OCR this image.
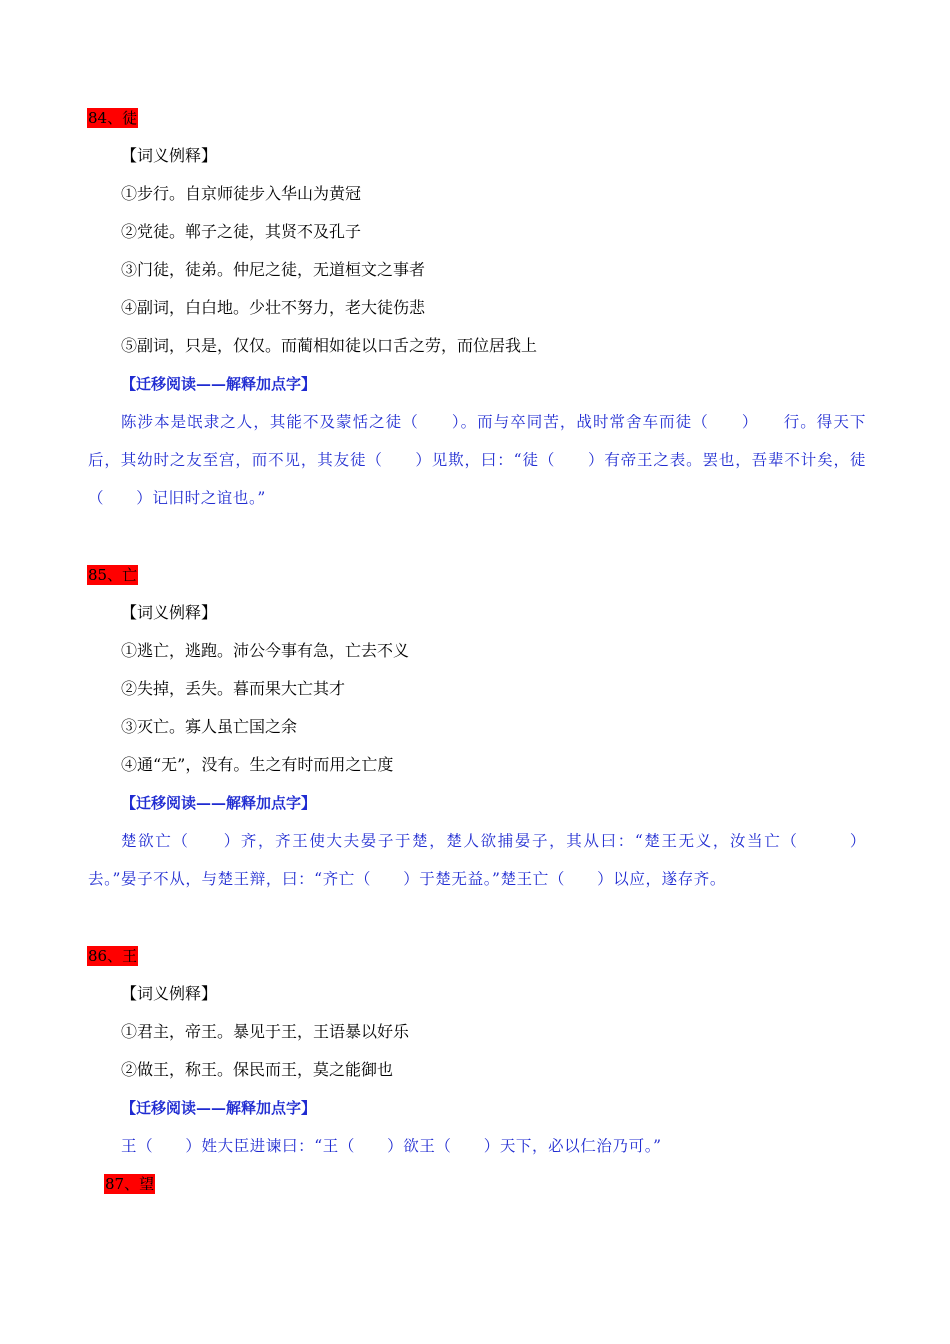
84、徒
【词义例释】
①步行。自京师徒步入华山为黄冠
②党徒。郸子之徒，其贤不及孔子
③门徒，徒弟。仲尼之徒，无道桓文之事者
④副词，白白地。少壮不努力，老大徒伤悲
⑤副词，只是，仅仅。而蔺相如徒以口舌之劳，而位居我上
【迁移阅读——解释加点字】
陈涉本是氓隶之人，其能不及蒙恬之徒（　　）。而与卒同苦，战时常舍车而徒（　　）　　行。得天下后，其幼时之友至宫，而不见，其友徒（　　）见欺，曰：“徒（　　）有帝王之表。罢也，吾辈不计矣，徒（　　）记旧时之谊也。”
85、亡
【词义例释】
①逃亡，逃跑。沛公今事有急，亡去不义
②失掉，丢失。暮而果大亡其才
③灭亡。寡人虽亡国之余
④通“无”，没有。生之有时而用之亡度
【迁移阅读——解释加点字】
楚欲亡（　　）齐，齐王使大夫晏子于楚，楚人欲捕晏子，其从曰：“楚王无义，汝当亡（　　　）去。”晏子不从，与楚王辩，曰：“齐亡（　　）于楚无益。”楚王亡（　　）以应，遂存齐。
86、王
【词义例释】
①君主，帝王。暴见于王，王语暴以好乐
②做王，称王。保民而王，莫之能御也
【迁移阅读——解释加点字】
王（　　）姓大臣进谏曰：“王（　　）欲王（　　）天下，必以仁治乃可。”
87、望
